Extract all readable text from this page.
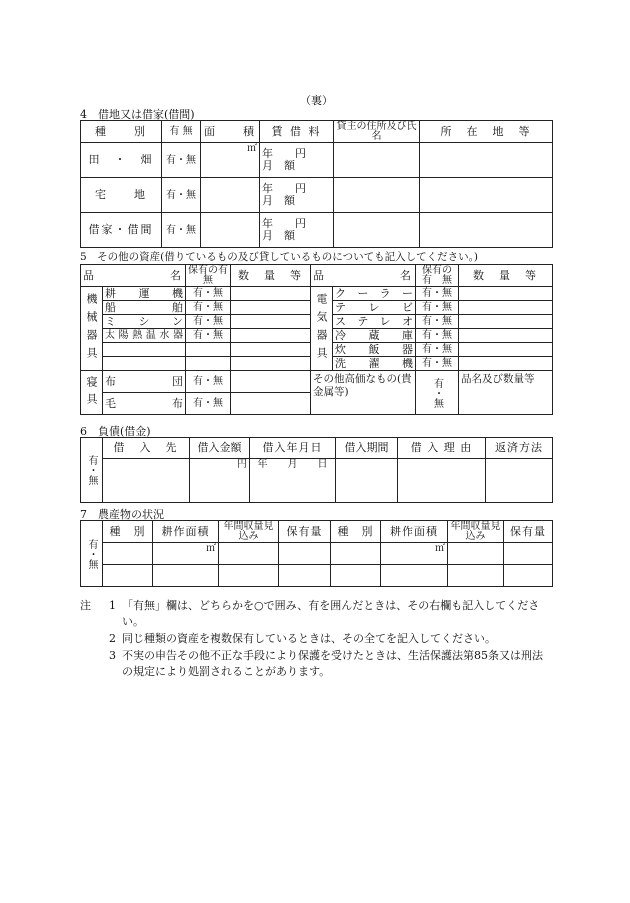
（裏）
4　借地又は借家(借間)
種　　別	有 無	面　　積	賃 借 料	貸主の住所及び氏名	所　在　地　等
田　・　畑	有・無	㎡	年　　円
月　額		

宅　　地	有・無		年　　円
月　額		

借家・借間	有・無		年　　円
月　額		

5　その他の資産(借りているもの及び貸しているものについても記入してください。)
品　　　名		保有の有　無	数　量　等	品　　　名		保有の有　無	数　量　等

機械器具	耕　運　機	有・無		電気器具	ク ー ラ ー	有・無	
	船　　　舶	有・無			テ　レ　ビ	有・無	
	ミ　シ　ン	有・無			ス テ レ オ	有・無	
	太陽熱温水器	有・無			冷　蔵　庫	有・無	
					炊　飯　器	有・無	
					洗　濯　機	有・無	

寝具	布　　　団	有・無		その他高価なもの(貴金属等)		有・無	品名及び数量等
	毛　　　布	有・無					
6　負債(借金)
有・無	借　入　先	借入金額	借入年月日	借入期間	借 入 理 由	返済方法
		円	年　　月　　日			
7　農産物の状況
有・無	種　別	耕作面積	年間収量見込み	保有量	種　別	耕作面積	年間収量見込み	保有量
		㎡				㎡		

注	1 「有無」欄は、どちらかを○で囲み、有を囲んだときは、その右欄も記入してください。
2 同じ種類の資産を複数保有しているときは、その全てを記入してください。
3 不実の申告その他不正な手段により保護を受けたときは、生活保護法第85条又は刑法の規定により処罰されることがあります。
